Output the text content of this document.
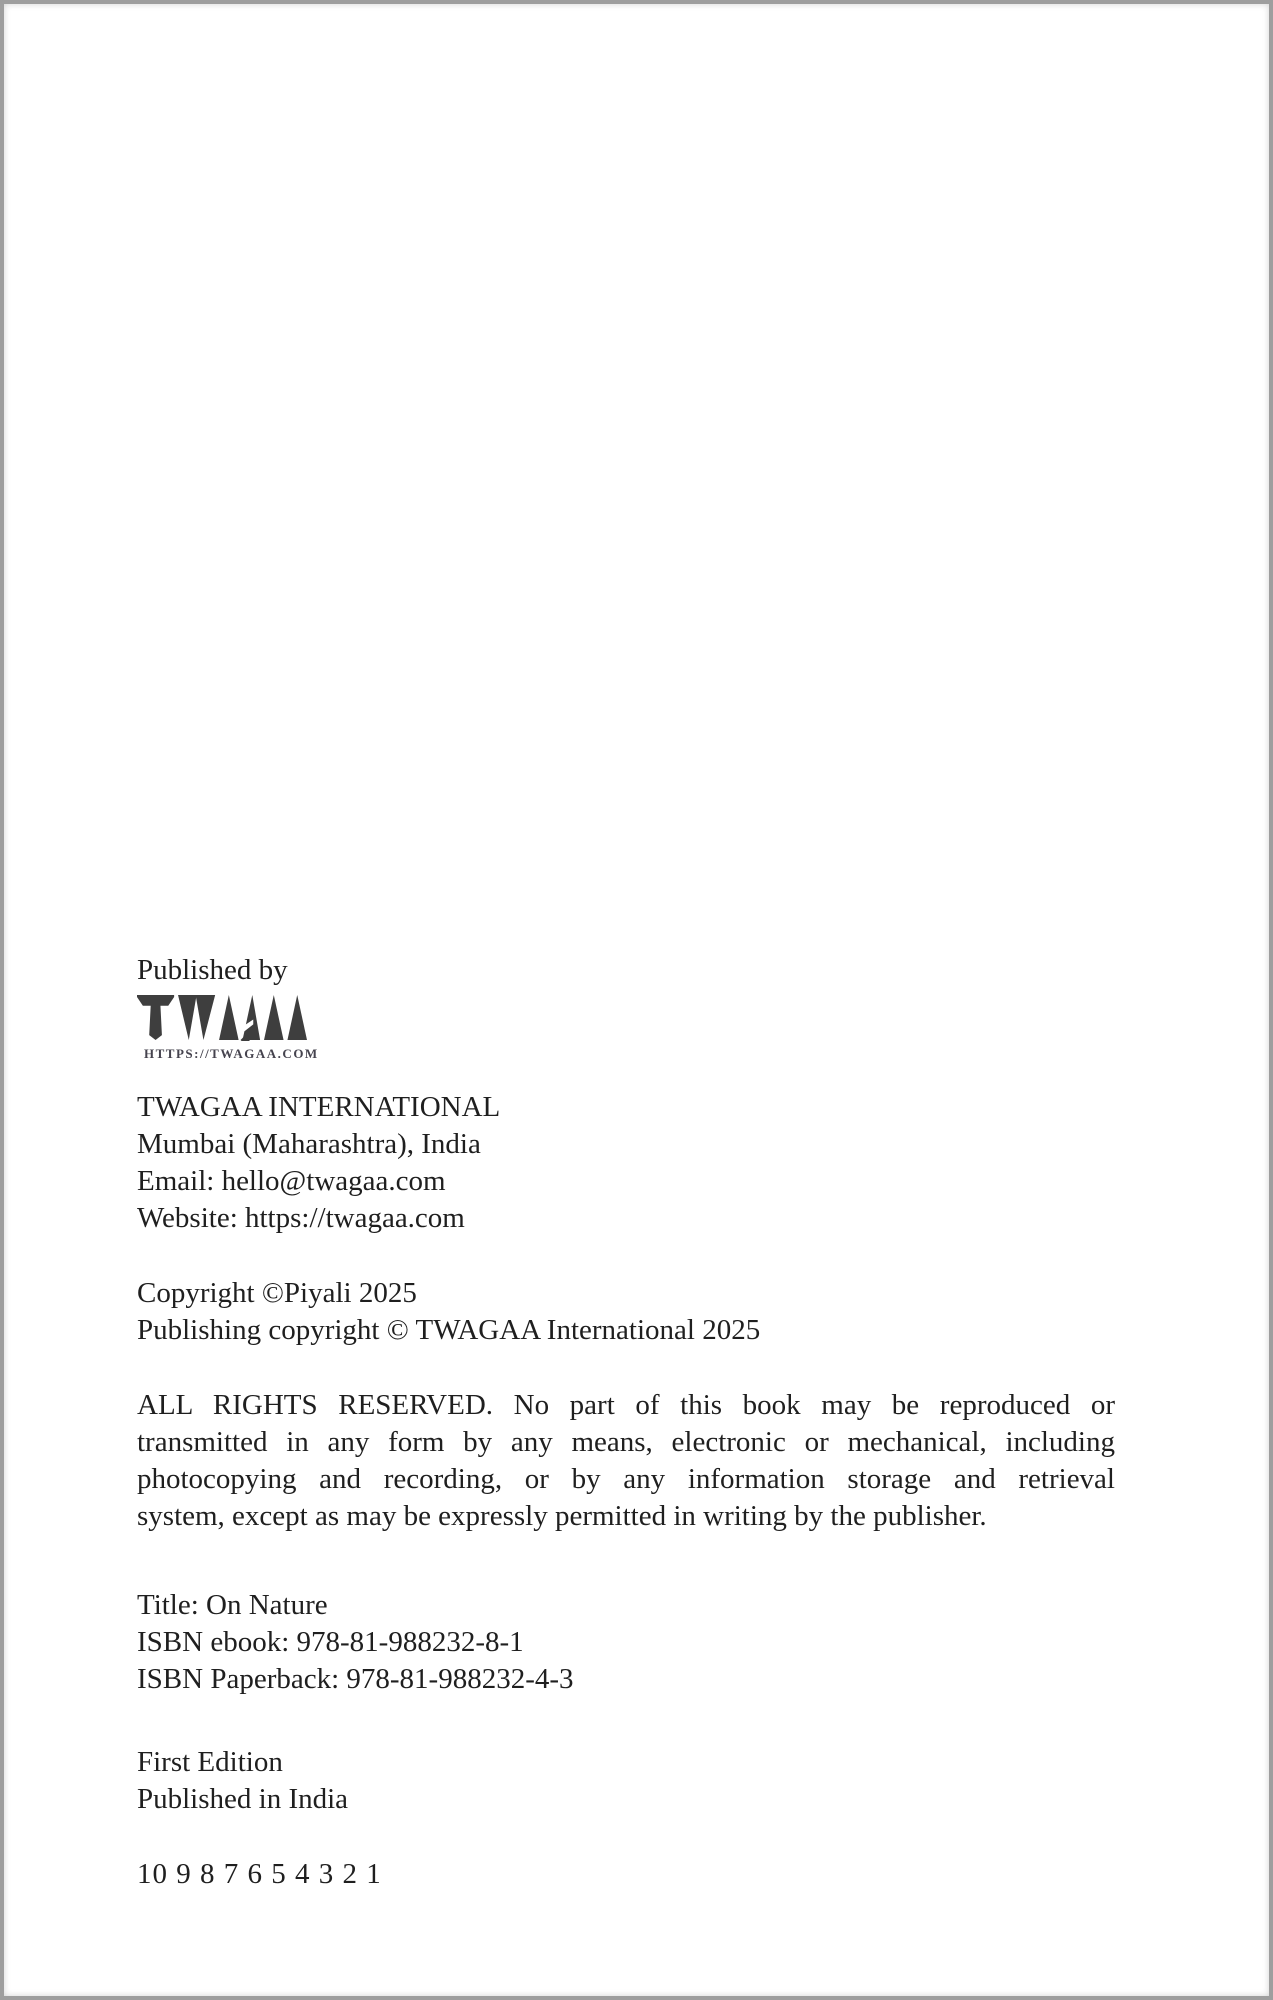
Published by

HTTPS://TWAGAA.COM

TWAGAA INTERNATIONAL

Mumbai (Maharashtra), India

Email: hello@twagaa.com

Website: https://twagaa.com

Copyright ©Piyali 2025

Publishing copyright © TWAGAA International 2025

ALL RIGHTS RESERVED. No part of this book may be reproduced or
transmitted in any form by any means, electronic or mechanical, including
photocopying and recording, or by any information storage and retrieval
system, except as may be expressly permitted in writing by the publisher.

Title: On Nature

ISBN ebook: 978-81-988232-8-1

ISBN Paperback: 978-81-988232-4-3

First Edition

Published in India

10 9 8 7 6 5 4 3 2 1
